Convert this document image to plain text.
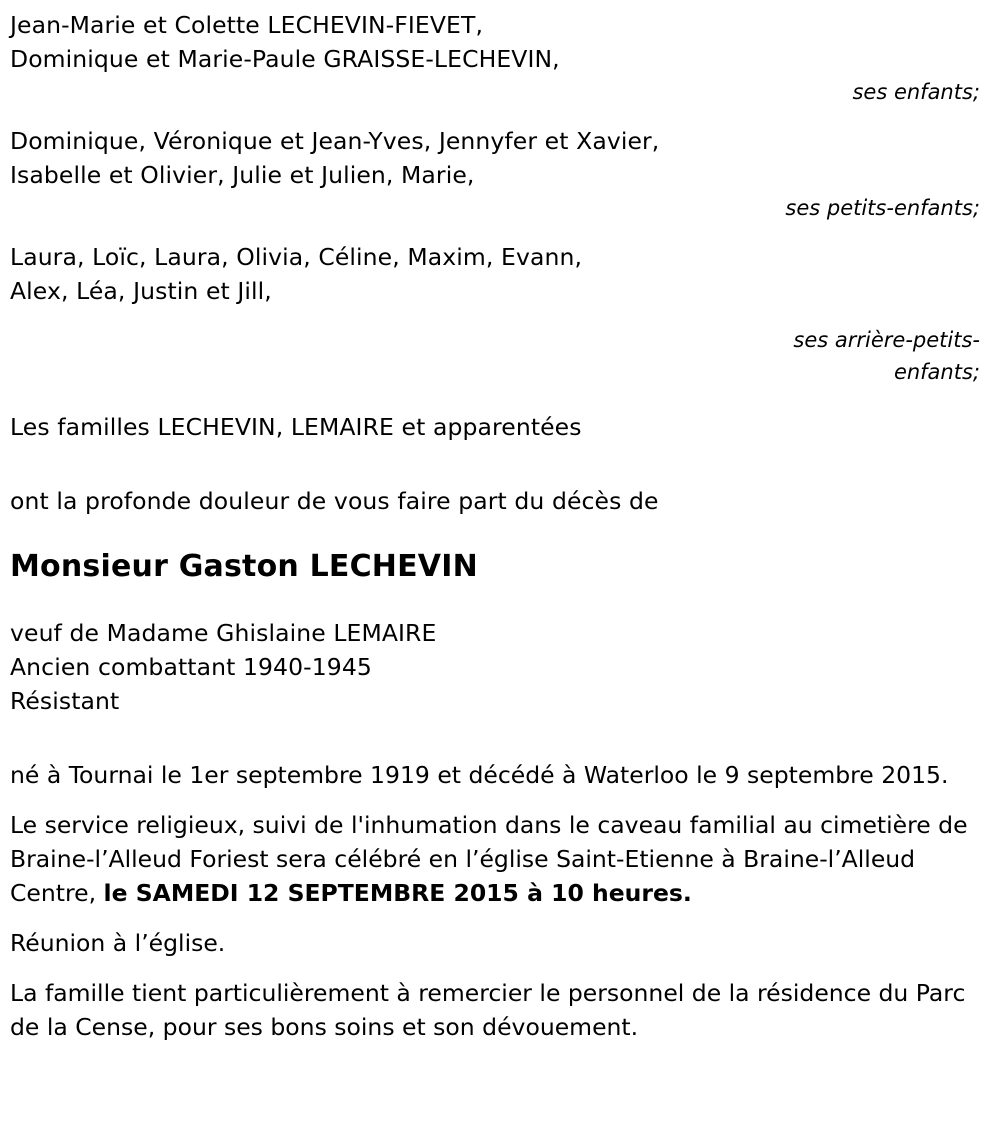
Jean-Marie et Colette LECHEVIN-FIEVET,
Dominique et Marie-Paule GRAISSE-LECHEVIN,
ses enfants;
Dominique, Véronique et Jean-Yves, Jennyfer et Xavier,
Isabelle et Olivier, Julie et Julien, Marie,
ses petits-enfants;
Laura, Loïc, Laura, Olivia, Céline, Maxim, Evann,
Alex, Léa, Justin et Jill,
ses arrière-petits-
enfants;
Les familles LECHEVIN, LEMAIRE et apparentées
ont la profonde douleur de vous faire part du décès de
Monsieur Gaston LECHEVIN
veuf de Madame Ghislaine LEMAIRE
Ancien combattant 1940-1945
Résistant
né à Tournai le 1er septembre 1919 et décédé à Waterloo le 9 septembre 2015.
Le service religieux, suivi de l'inhumation dans le caveau familial au cimetière de Braine-l’Alleud Foriest sera célébré en l’église Saint-Etienne à Braine-l’Alleud Centre, le SAMEDI 12 SEPTEMBRE 2015 à 10 heures.
Réunion à l’église.
La famille tient particulièrement à remercier le personnel de la résidence du Parc de la Cense, pour ses bons soins et son dévouement.
